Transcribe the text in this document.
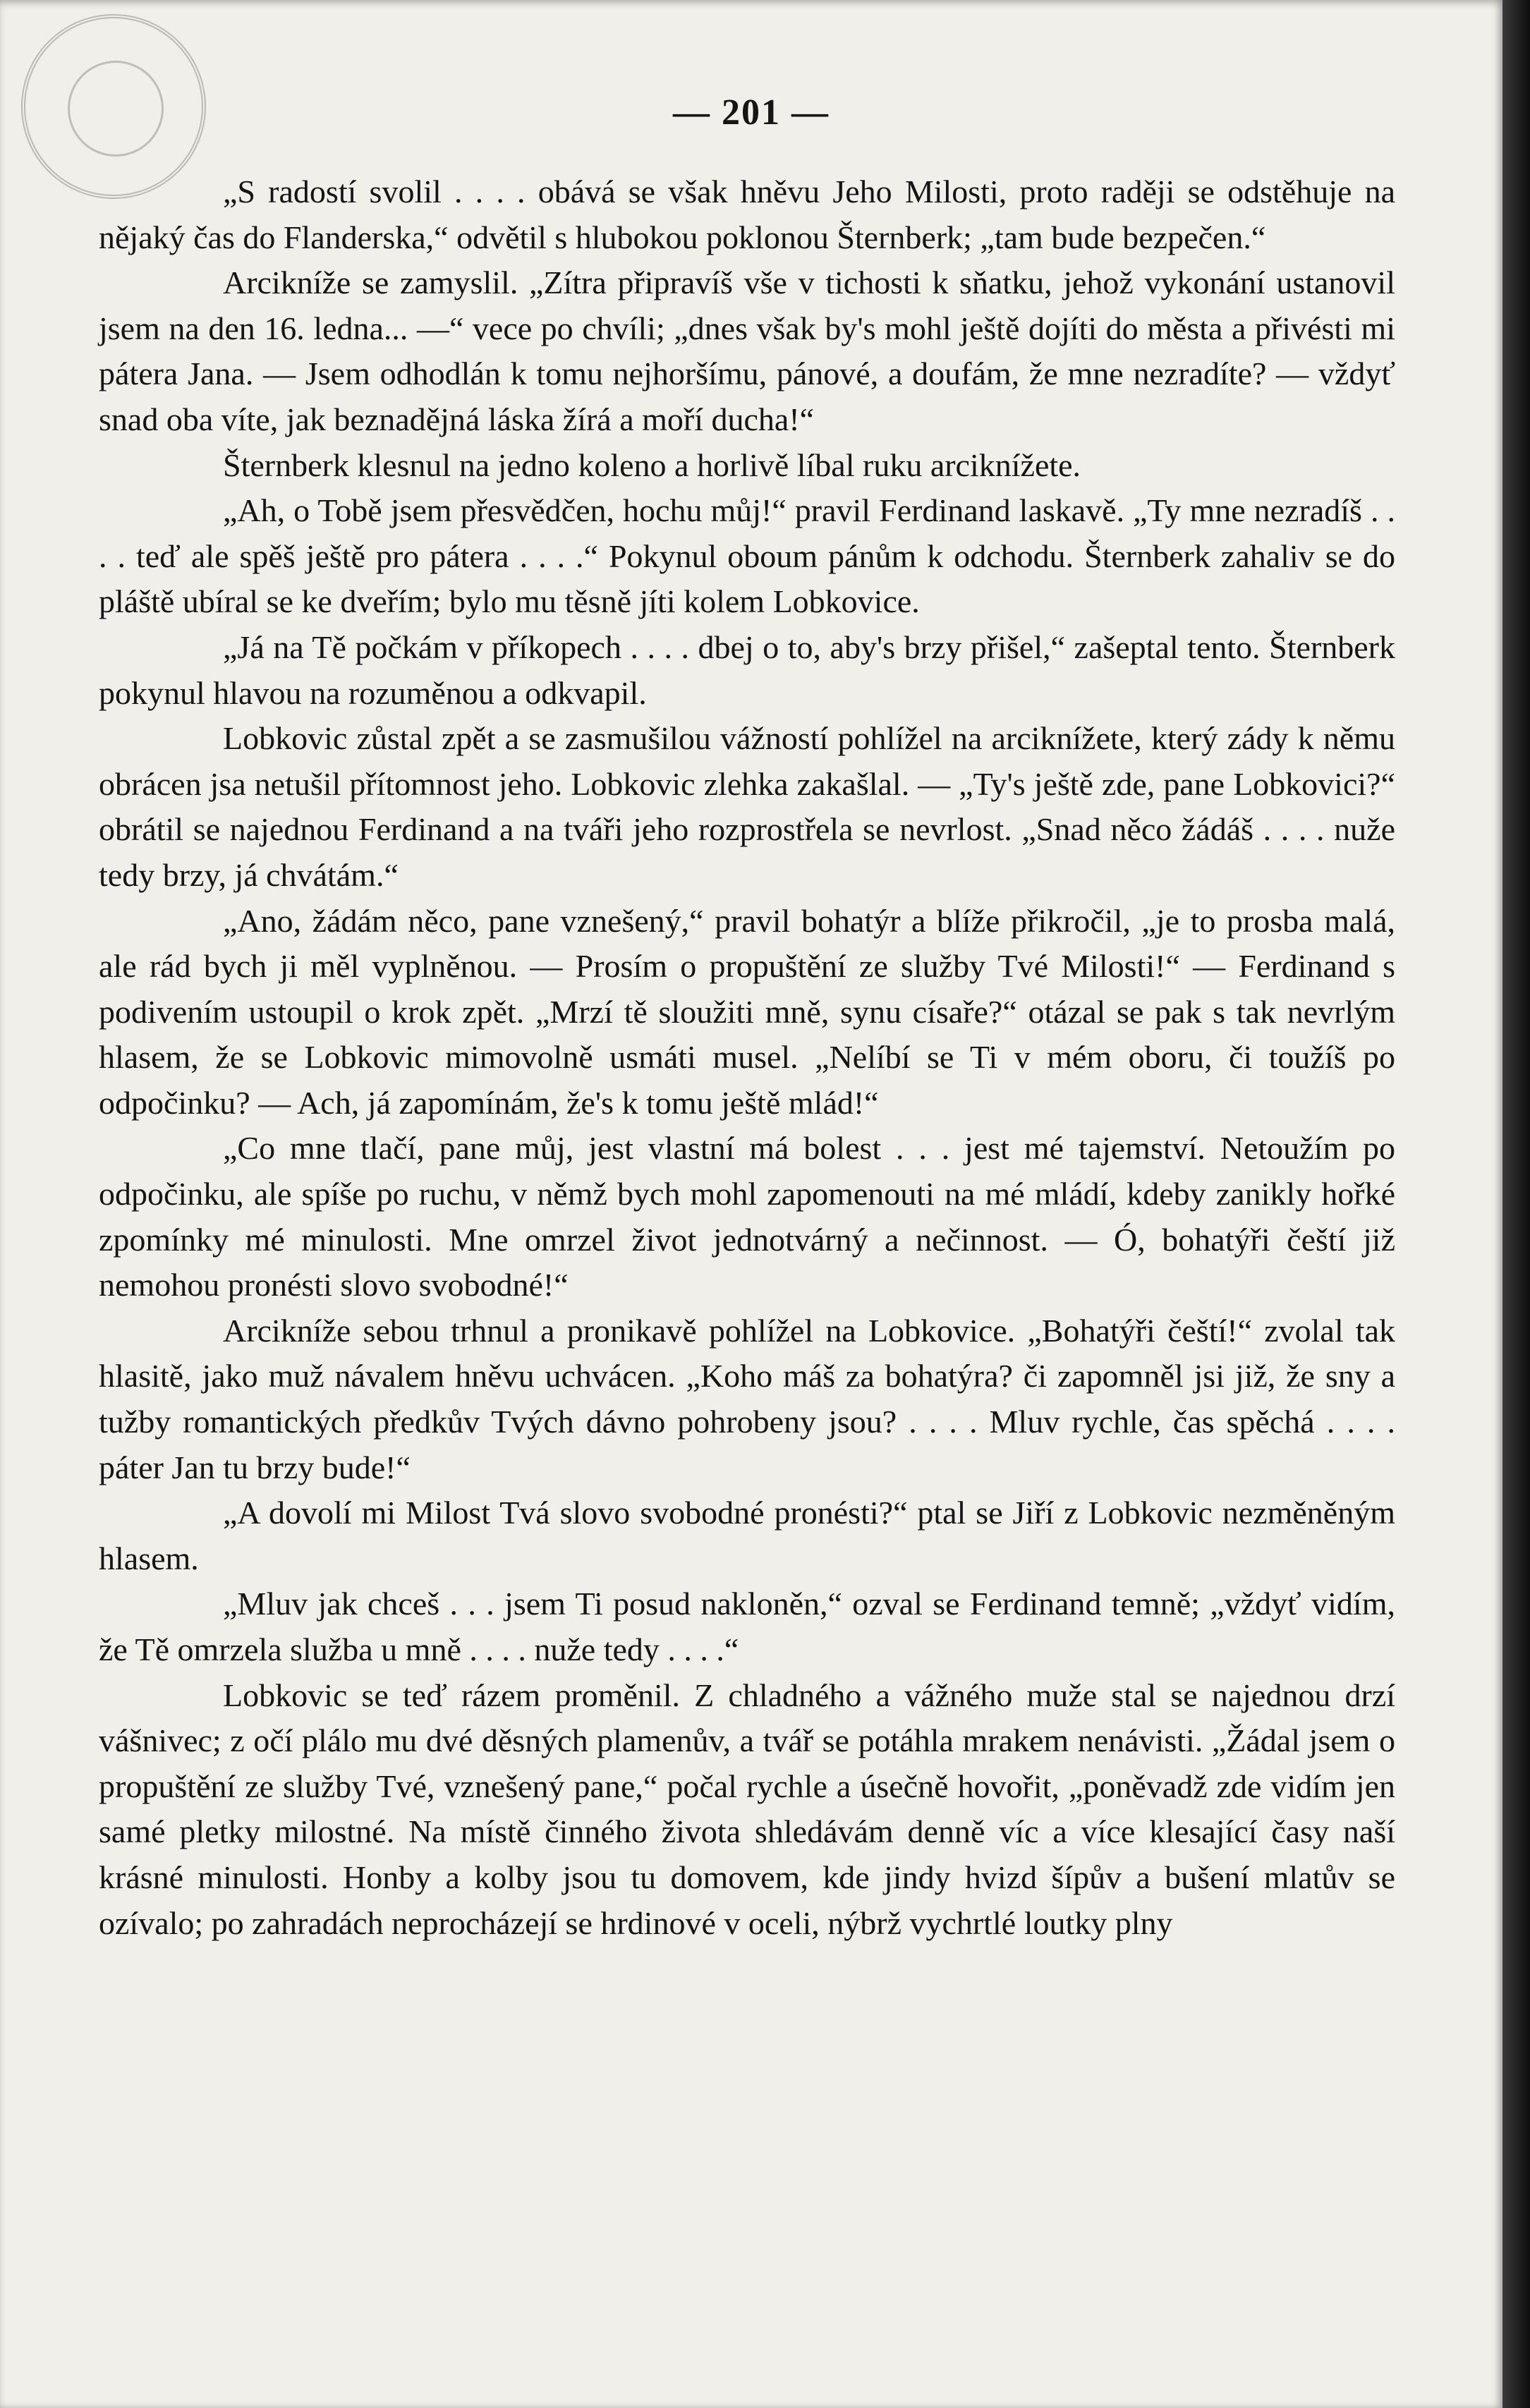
— 201 —

„S radostí svolil . . . . obává se však hněvu Jeho Milosti, proto raději se odstěhuje na nějaký čas do Flanderska,“ odvětil s hlubokou poklonou Šternberk; „tam bude bezpečen.“

Arcikníže se zamyslil. „Zítra připravíš vše v tichosti k sňatku, jehož vykonání ustanovil jsem na den 16. ledna... —“ vece po chvíli; „dnes však by's mohl ještě dojíti do města a přivésti mi pátera Jana. — Jsem odhodlán k tomu nejhoršímu, pánové, a doufám, že mne nezradíte? — vždyť snad oba víte, jak beznadějná láska žírá a moří ducha!“

Šternberk klesnul na jedno koleno a horlivě líbal ruku arciknížete.

„Ah, o Tobě jsem přesvědčen, hochu můj!“ pravil Ferdinand laskavě. „Ty mne nezradíš . . . . teď ale spěš ještě pro pátera . . . .“ Pokynul oboum pánům k odchodu. Šternberk zahaliv se do pláště ubíral se ke dveřím; bylo mu těsně jíti kolem Lobkovice.

„Já na Tě počkám v příkopech . . . . dbej o to, aby's brzy přišel,“ zašeptal tento. Šternberk pokynul hlavou na rozuměnou a odkvapil.

Lobkovic zůstal zpět a se zasmušilou vážností pohlížel na arciknížete, který zády k němu obrácen jsa netušil přítomnost jeho. Lobkovic zlehka zakašlal. — „Ty's ještě zde, pane Lobkovici?“ obrátil se najednou Ferdinand a na tváři jeho rozprostřela se nevrlost. „Snad něco žádáš . . . . nuže tedy brzy, já chvátám.“

„Ano, žádám něco, pane vznešený,“ pravil bohatýr a blíže přikročil, „je to prosba malá, ale rád bych ji měl vyplněnou. — Prosím o propuštění ze služby Tvé Milosti!“ — Ferdinand s podivením ustoupil o krok zpět. „Mrzí tě sloužiti mně, synu císaře?“ otázal se pak s tak nevrlým hlasem, že se Lobkovic mimovolně usmáti musel. „Nelíbí se Ti v mém oboru, či toužíš po odpočinku? — Ach, já zapomínám, že's k tomu ještě mlád!“

„Co mne tlačí, pane můj, jest vlastní má bolest . . . jest mé tajemství. Netoužím po odpočinku, ale spíše po ruchu, v němž bych mohl zapomenouti na mé mládí, kdeby zanikly hořké zpomínky mé minulosti. Mne omrzel život jednotvárný a nečinnost. — Ó, bohatýři čeští již nemohou pronésti slovo svobodné!“

Arcikníže sebou trhnul a pronikavě pohlížel na Lobkovice. „Bohatýři čeští!“ zvolal tak hlasitě, jako muž návalem hněvu uchvácen. „Koho máš za bohatýra? či zapomněl jsi již, že sny a tužby romantických předkův Tvých dávno pohrobeny jsou? . . . . Mluv rychle, čas spěchá . . . . páter Jan tu brzy bude!“

„A dovolí mi Milost Tvá slovo svobodné pronésti?“ ptal se Jiří z Lobkovic nezměněným hlasem.

„Mluv jak chceš . . . jsem Ti posud nakloněn,“ ozval se Ferdinand temně; „vždyť vidím, že Tě omrzela služba u mně . . . . nuže tedy . . . .“

Lobkovic se teď rázem proměnil. Z chladného a vážného muže stal se najednou drzí vášnivec; z očí plálo mu dvé děsných plamenův, a tvář se potáhla mrakem nenávisti. „Žádal jsem o propuštění ze služby Tvé, vznešený pane,“ počal rychle a úsečně hovořit, „poněvadž zde vidím jen samé pletky milostné. Na místě činného života shledávám denně víc a více klesající časy naší krásné minulosti. Honby a kolby jsou tu domovem, kde jindy hvizd šípův a bušení mlatův se ozívalo; po zahradách neprocházejí se hrdinové v oceli, nýbrž vychrtlé loutky plny
